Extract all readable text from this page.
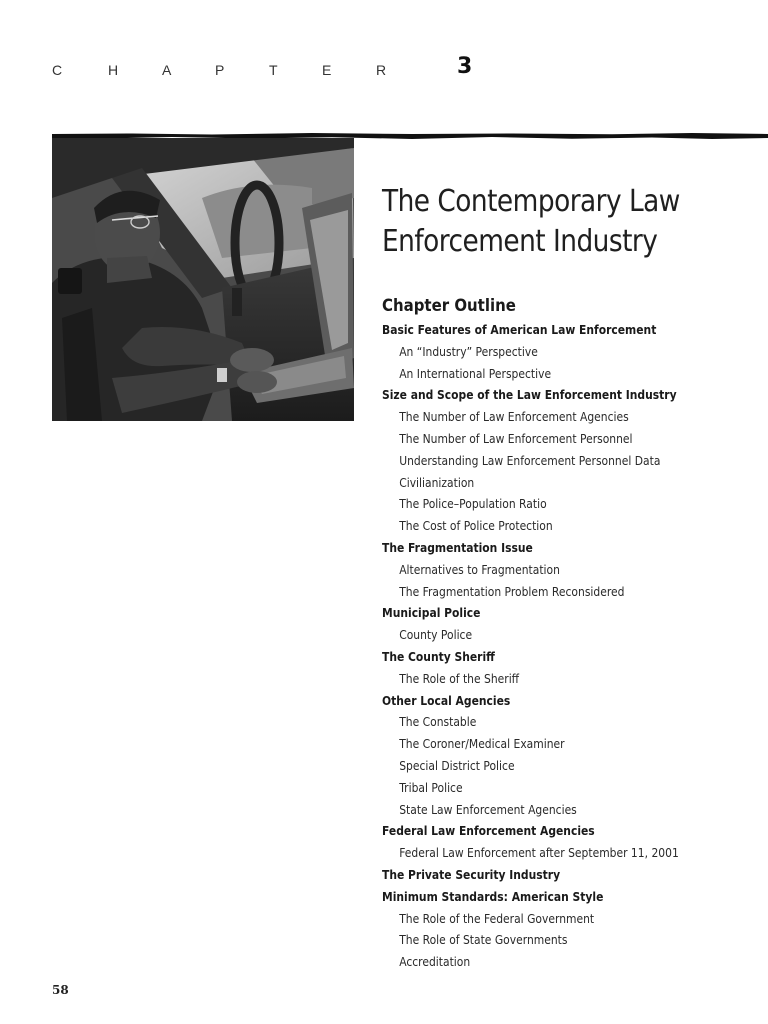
C	H	A	P	T	E	R	3
The Contemporary Law
Enforcement Industry
Chapter Outline
Basic Features of American Law Enforcement
An “Industry” Perspective
An International Perspective
Size and Scope of the Law Enforcement Industry
The Number of Law Enforcement Agencies
The Number of Law Enforcement Personnel
Understanding Law Enforcement Personnel Data
Civilianization
The Police–Population Ratio
The Cost of Police Protection
The Fragmentation Issue
Alternatives to Fragmentation
The Fragmentation Problem Reconsidered
Municipal Police
County Police
The County Sheriff
The Role of the Sheriff
Other Local Agencies
The Constable
The Coroner/Medical Examiner
Special District Police
Tribal Police
State Law Enforcement Agencies
Federal Law Enforcement Agencies
Federal Law Enforcement after September 11, 2001
The Private Security Industry
Minimum Standards: American Style
The Role of the Federal Government
The Role of State Governments
Accreditation
58
